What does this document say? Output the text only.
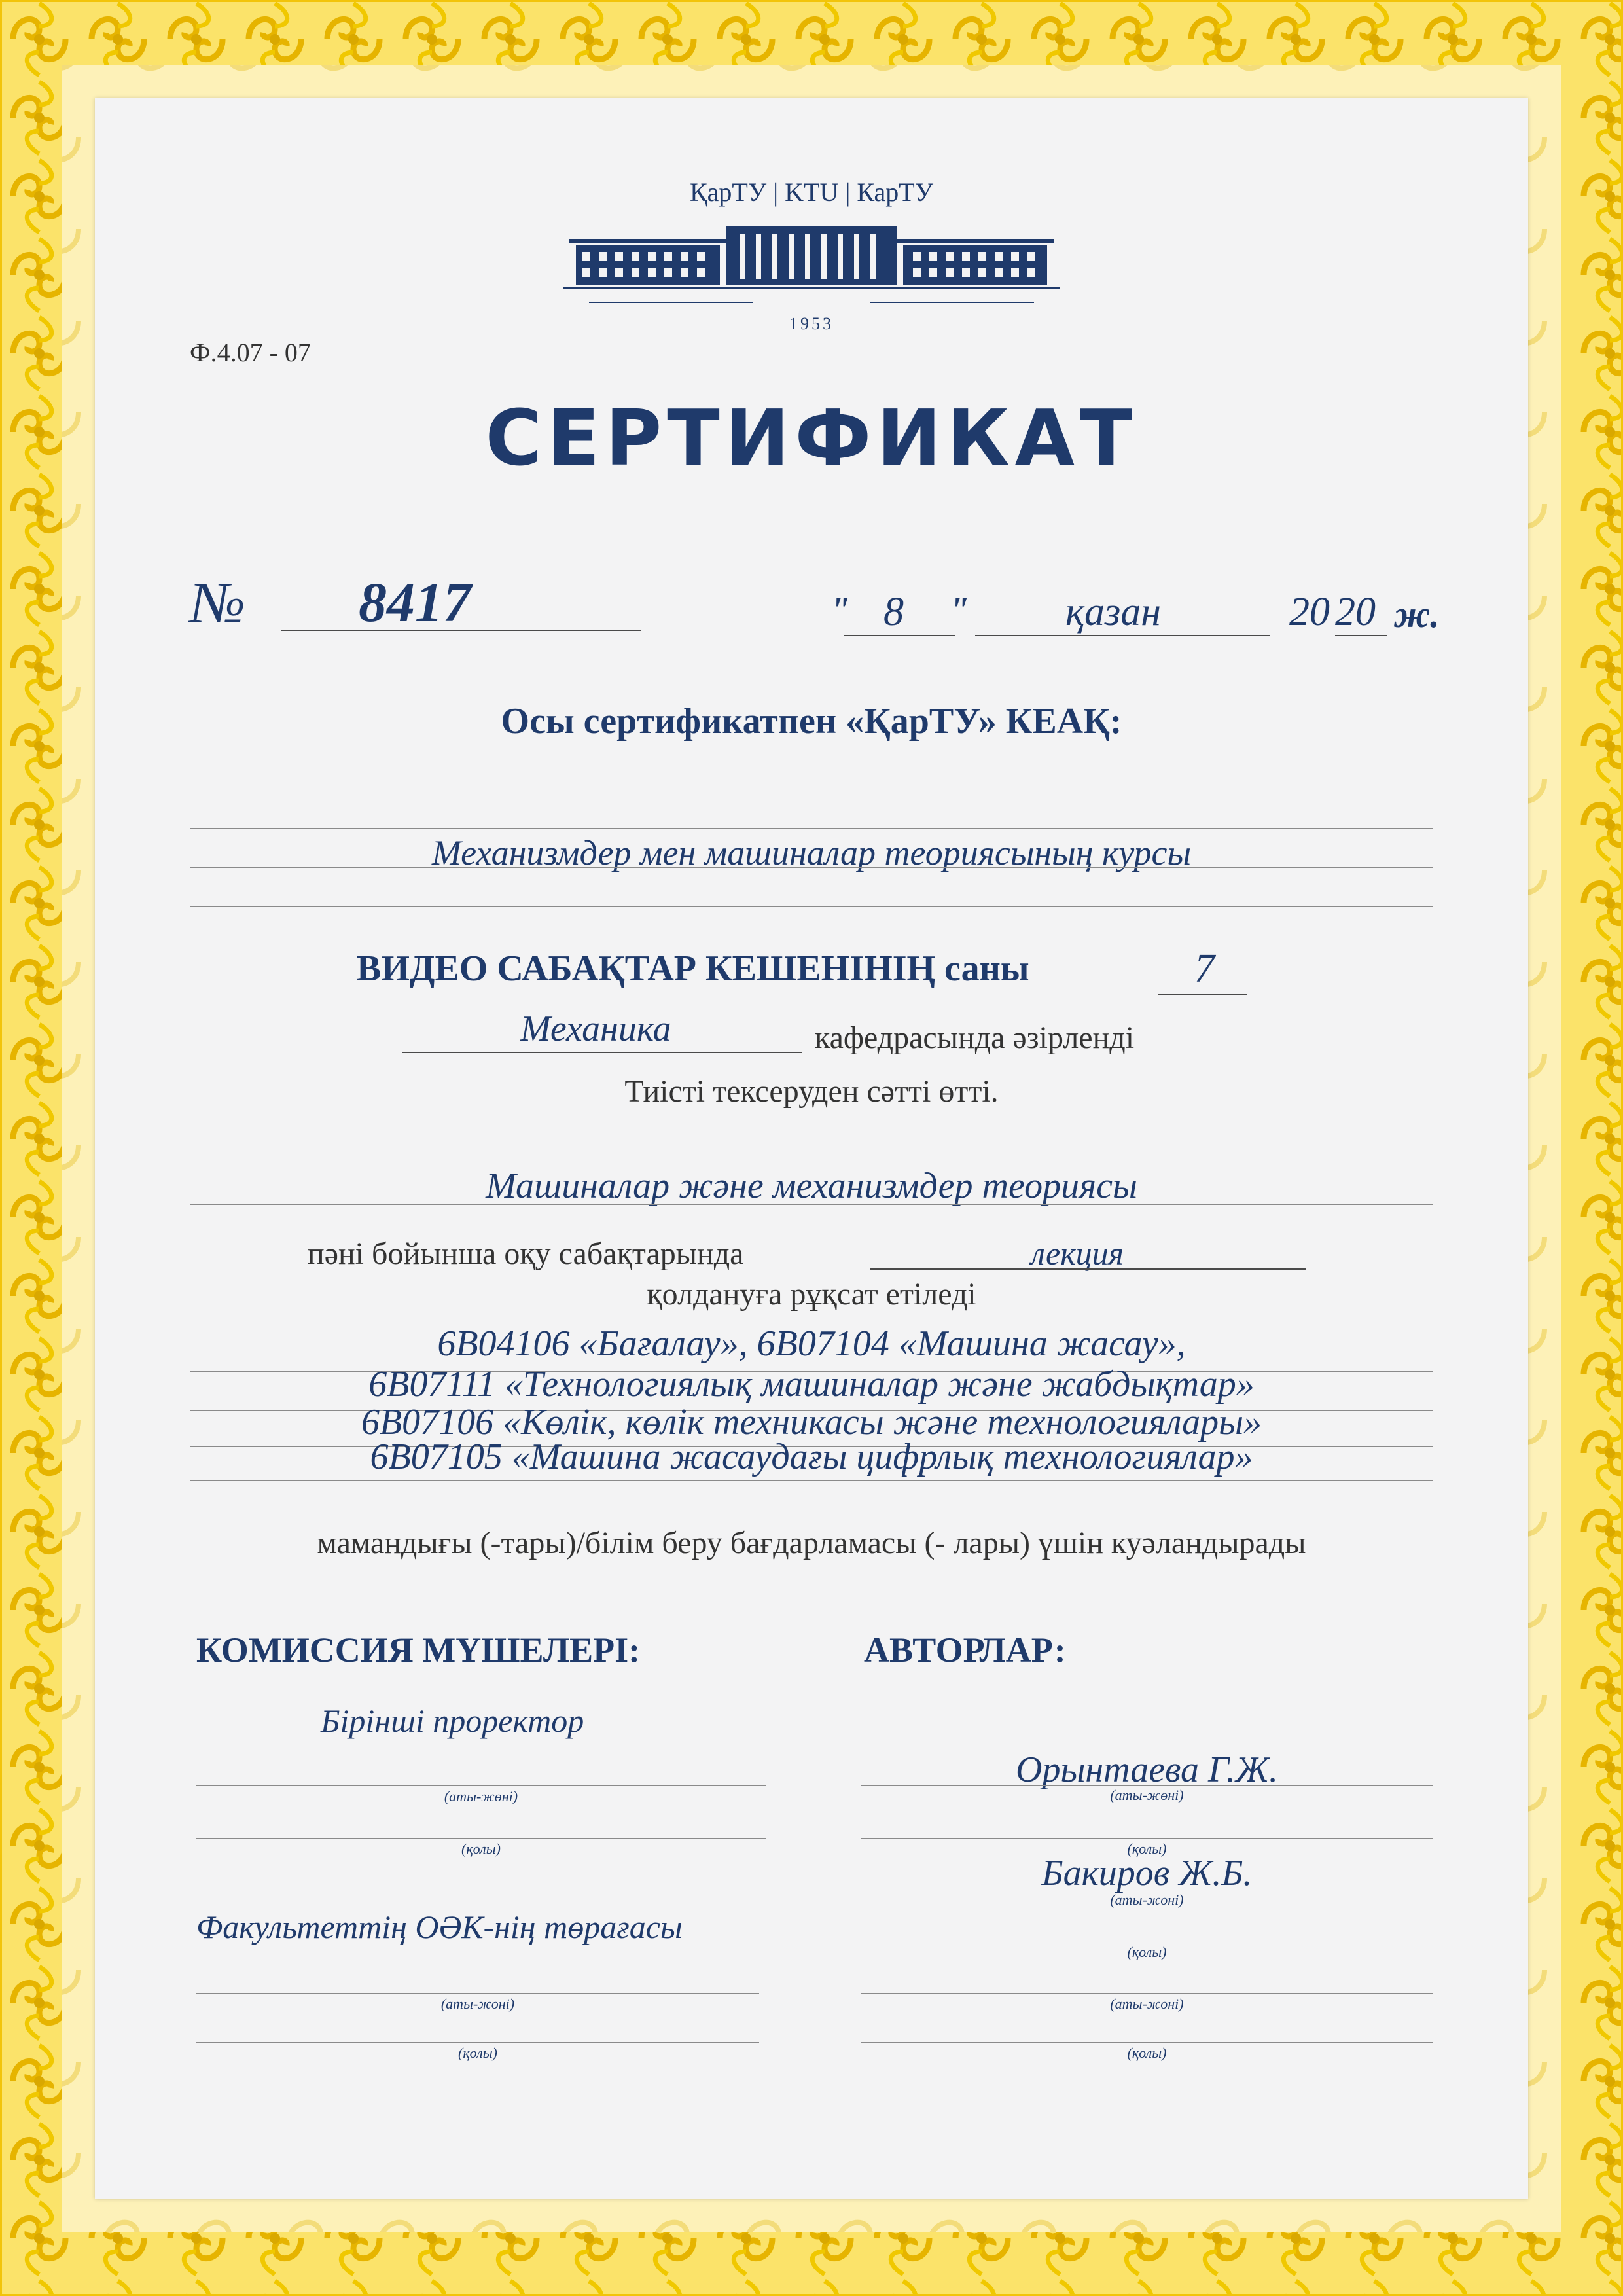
ҚарТУ | KTU | КарТУ
1953
Ф.4.07 - 07
СЕРТИФИКАТ
№ 8417	" 8 " қазан	20 20 ж.
Осы сертификатпен «ҚарТУ» КЕАҚ:
Механизмдер мен машиналар теориясының курсы
ВИДЕО САБАҚТАР КЕШЕНІНІҢ саны	7
Механика	кафедрасында әзірленді
Тиісті тексеруден сәтті өтті.
Машиналар және механизмдер теориясы
пәні бойынша оқу сабақтарында	лекция
қолдануға рұқсат етіледі
6В04106 «Бағалау», 6В07104 «Машина жасау»,
6В07111 «Технологиялық машиналар және жабдықтар»
6В07106 «Көлік, көлік техникасы және технологиялары»
6В07105 «Машина жасаудағы цифрлық технологиялар»
мамандығы (-тары)/білім беру бағдарламасы (- лары) үшін куәландырады
КОМИССИЯ МҮШЕЛЕРІ:
Бірінші проректор
(аты-жөні)
(қолы)
Факультеттің ОӘК-нің төрағасы
(аты-жөні)
(қолы)
АВТОРЛАР:
Орынтаева Г.Ж.
(аты-жөні)
(қолы)
Бакиров Ж.Б.
(аты-жөні)
(қолы)
(аты-жөні)
(қолы)
